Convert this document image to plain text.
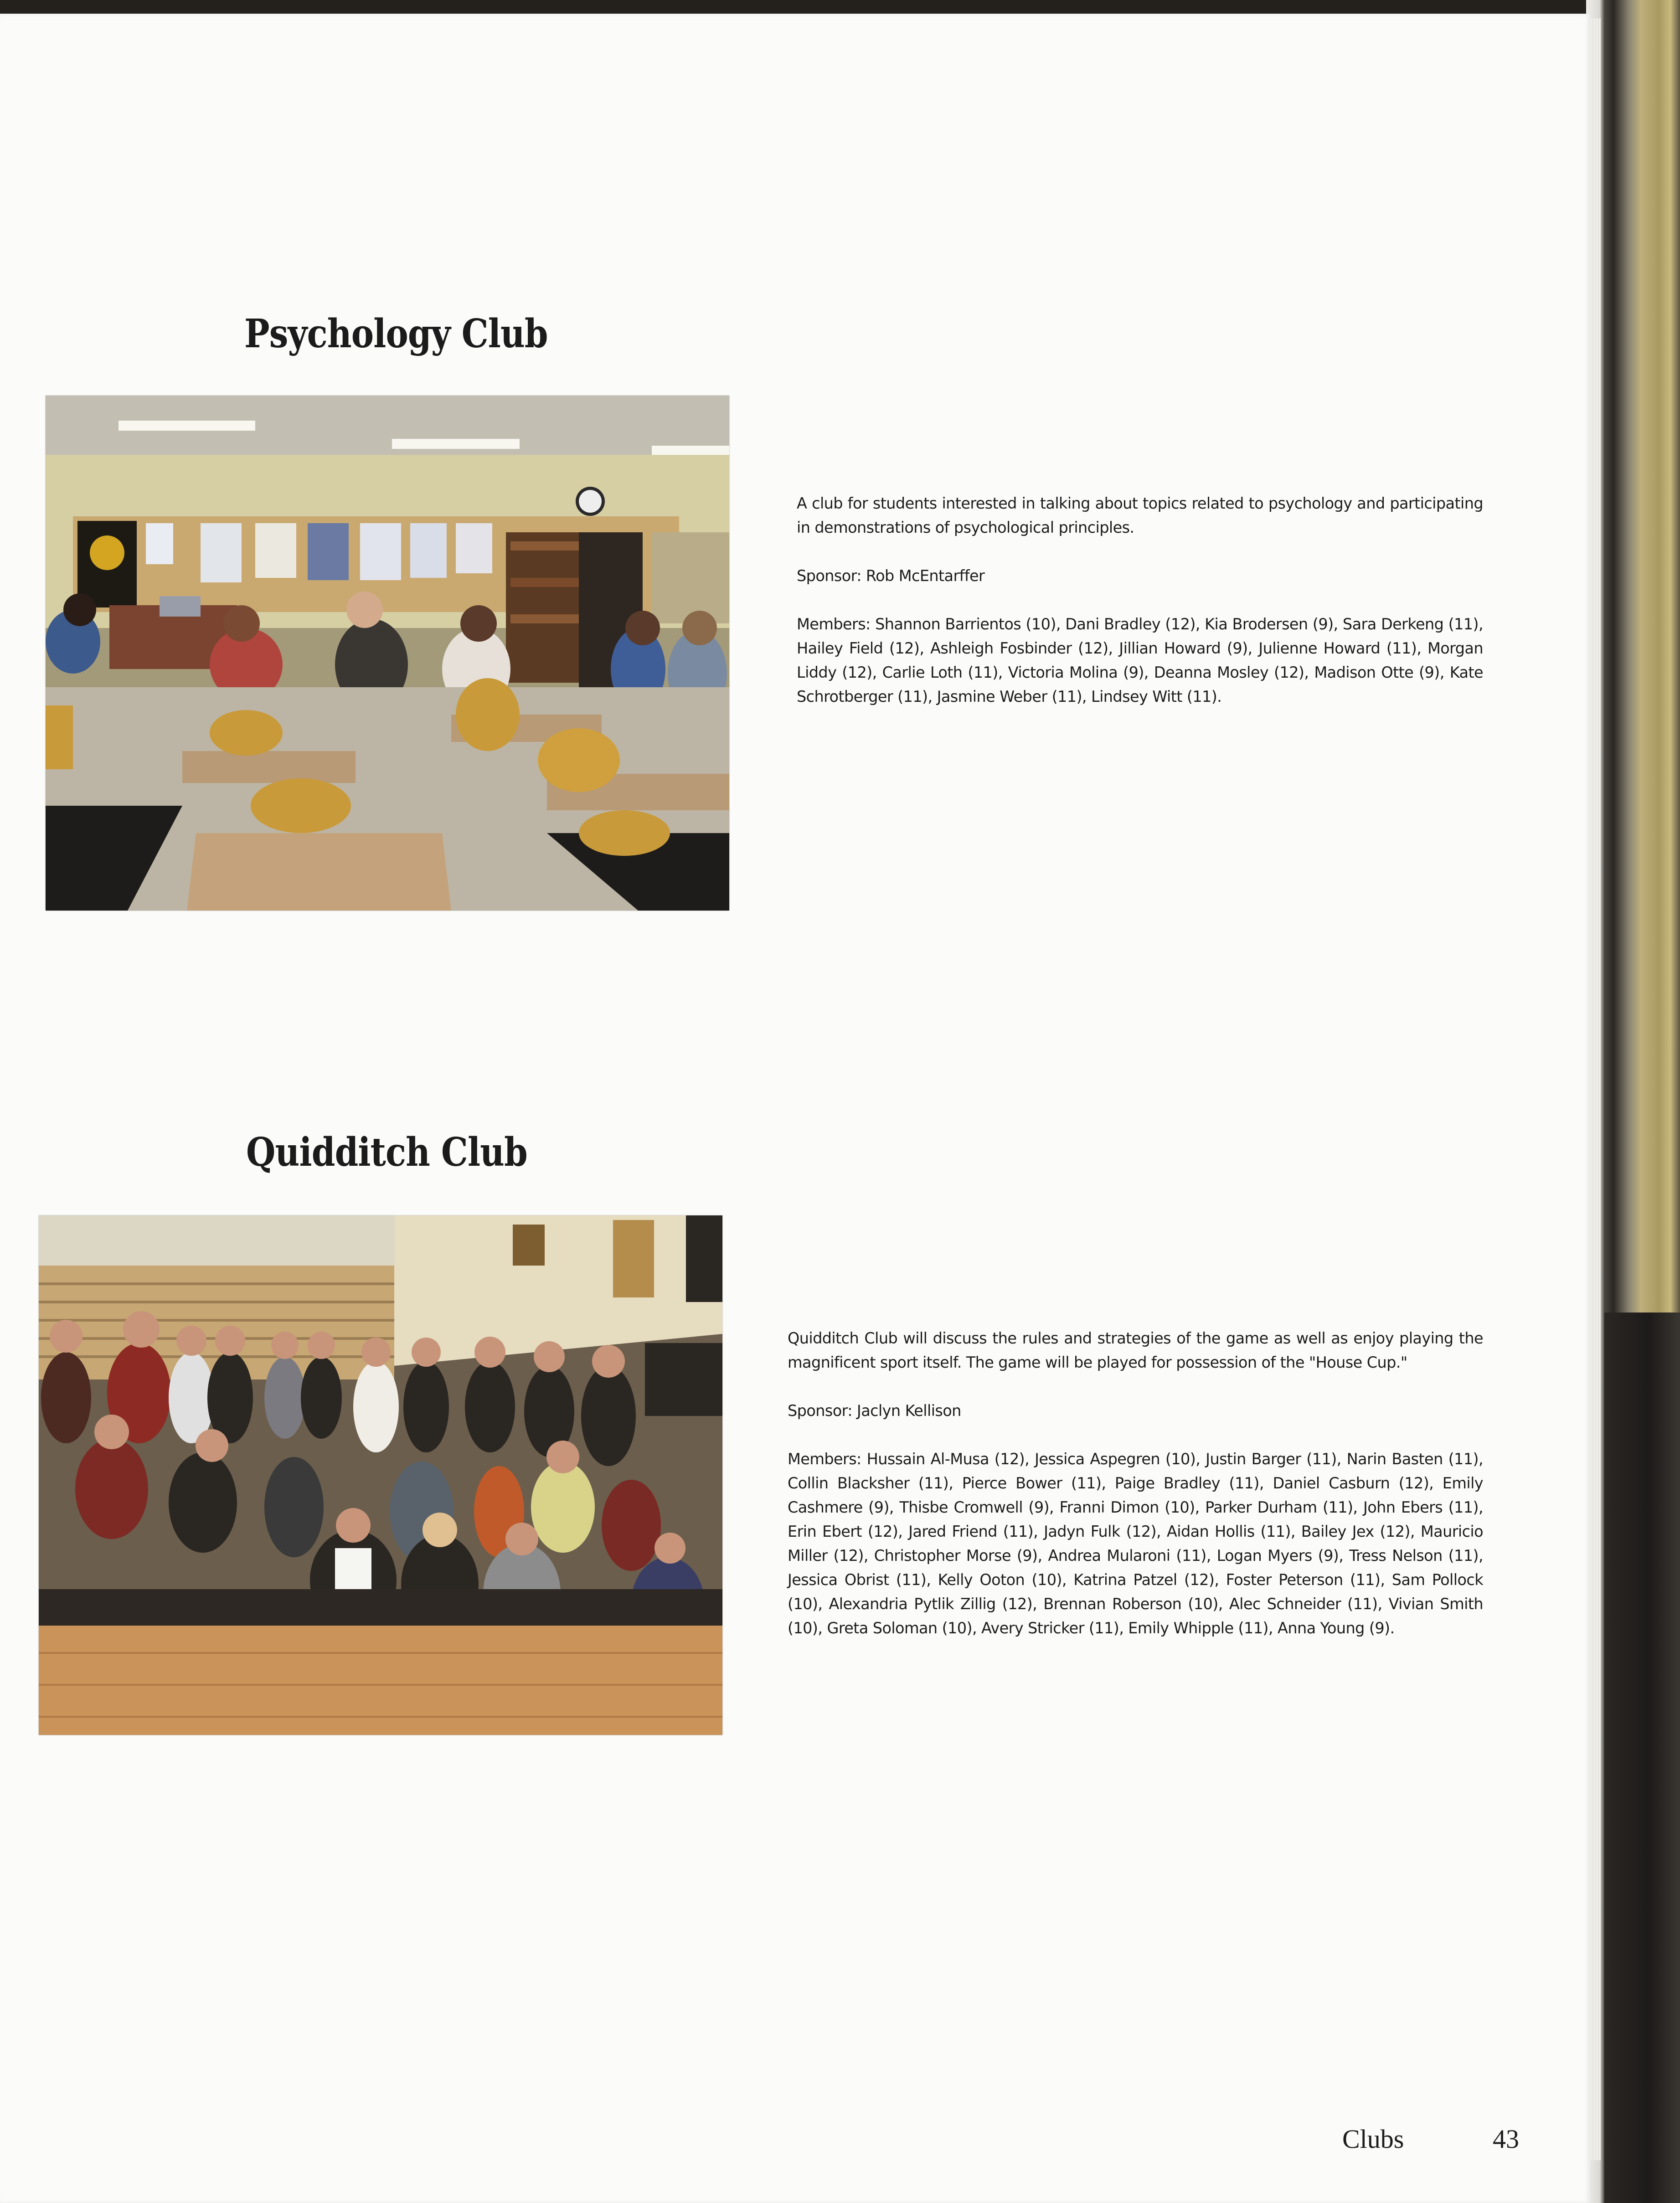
Psychology Club

A club for students interested in talking about topics related to psychology and participating in demonstrations of psychological principles.

Sponsor: Rob McEntarffer

Members: Shannon Barrientos (10), Dani Bradley (12), Kia Brodersen (9), Sara Derkeng (11), Hailey Field (12), Ashleigh Fosbinder (12), Jillian Howard (9), Julienne Howard (11), Morgan Liddy (12), Carlie Loth (11), Victoria Molina (9), Deanna Mosley (12), Madison Otte (9), Kate Schrotberger (11), Jasmine Weber (11), Lindsey Witt (11).

Quidditch Club

Quidditch Club will discuss the rules and strategies of the game as well as enjoy playing the magnificent sport itself. The game will be played for possession of the "House Cup."

Sponsor: Jaclyn Kellison

Members: Hussain Al-Musa (12), Jessica Aspegren (10), Justin Barger (11), Narin Basten (11), Collin Blacksher (11), Pierce Bower (11), Paige Bradley (11), Daniel Casburn (12), Emily Cashmere (9), Thisbe Cromwell (9), Franni Dimon (10), Parker Durham (11), John Ebers (11), Erin Ebert (12), Jared Friend (11), Jadyn Fulk (12), Aidan Hollis (11), Bailey Jex (12), Mauricio Miller (12), Christopher Morse (9), Andrea Mularoni (11), Logan Myers (9), Tress Nelson (11), Jessica Obrist (11), Kelly Ooton (10), Katrina Patzel (12), Foster Peterson (11), Sam Pollock (10), Alexandria Pytlik Zillig (12), Brennan Roberson (10), Alec Schneider (11), Vivian Smith (10), Greta Soloman (10), Avery Stricker (11), Emily Whipple (11), Anna Young (9).

Clubs	43
